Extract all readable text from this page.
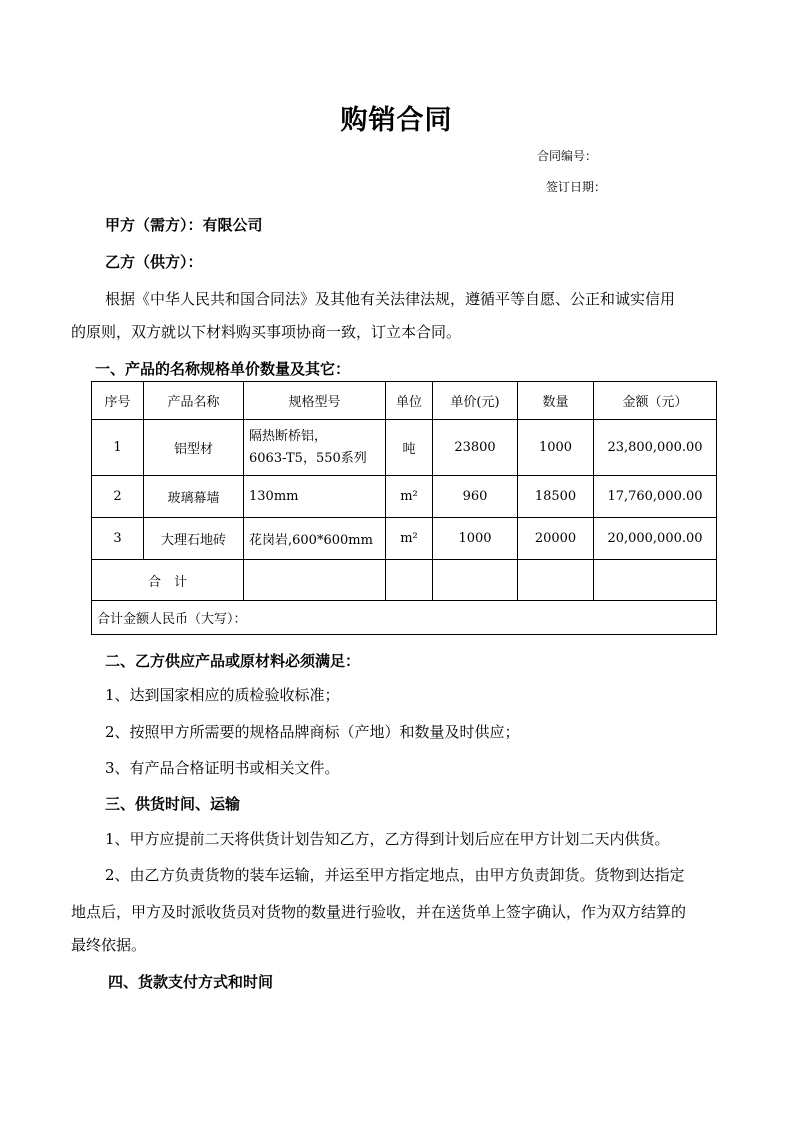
购销合同
合同编号：
签订日期：
甲方（需方）：有限公司
乙方（供方）：
根据《中华人民共和国合同法》及其他有关法律法规，遵循平等自愿、公正和诚实信用
的原则，双方就以下材料购买事项协商一致，订立本合同。
一、产品的名称规格单价数量及其它：
序号	产品名称	规格型号	单位	单价(元)	数量	金额（元）
1	铝型材	隔热断桥铝，
6063-T5，550系列	吨	23800	1000	23,800,000.00
2	玻璃幕墙	130mm	m²	960	18500	17,760,000.00
3	大理石地砖	花岗岩,600*600mm	m²	1000	20000	20,000,000.00
合　计						
合计金额人民币（大写）：						
二、乙方供应产品或原材料必须满足：
1、达到国家相应的质检验收标准；
2、按照甲方所需要的规格品牌商标（产地）和数量及时供应；
3、有产品合格证明书或相关文件。
三、供货时间、运输
1、甲方应提前二天将供货计划告知乙方，乙方得到计划后应在甲方计划二天内供货。
2、由乙方负责货物的装车运输，并运至甲方指定地点，由甲方负责卸货。货物到达指定
地点后，甲方及时派收货员对货物的数量进行验收，并在送货单上签字确认，作为双方结算的
最终依据。
四、货款支付方式和时间
